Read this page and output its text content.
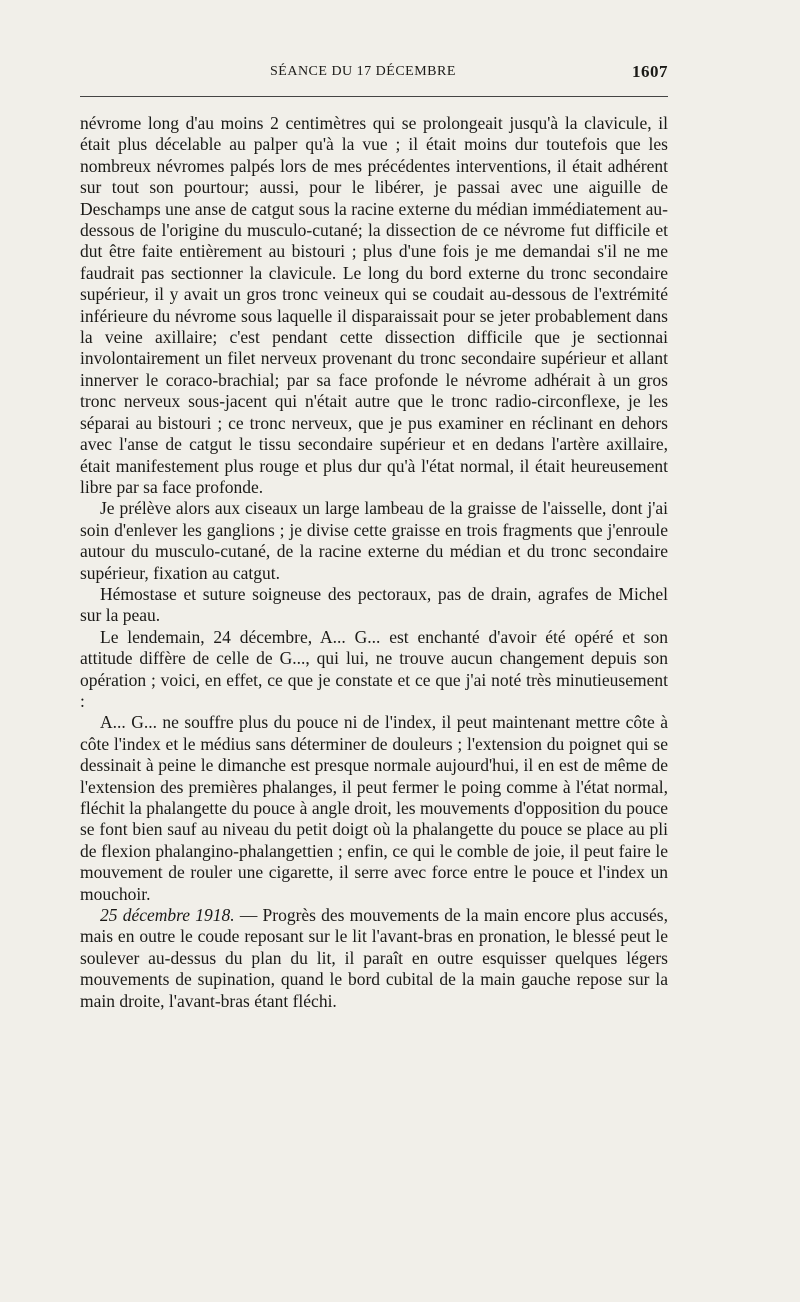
SÉANCE DU 17 DÉCEMBRE	1607

névrome long d'au moins 2 centimètres qui se prolongeait jusqu'à la clavicule, il était plus décelable au palper qu'à la vue ; il était moins dur toutefois que les nombreux névromes palpés lors de mes précédentes interventions, il était adhérent sur tout son pourtour; aussi, pour le libérer, je passai avec une aiguille de Deschamps une anse de catgut sous la racine externe du médian immédiatement au-dessous de l'origine du musculo-cutané; la dissection de ce névrome fut difficile et dut être faite entièrement au bistouri ; plus d'une fois je me demandai s'il ne me faudrait pas sectionner la clavicule. Le long du bord externe du tronc secondaire supérieur, il y avait un gros tronc veineux qui se coudait au-dessous de l'extrémité inférieure du névrome sous laquelle il disparaissait pour se jeter probablement dans la veine axillaire; c'est pendant cette dissection difficile que je sectionnai involontairement un filet nerveux provenant du tronc secondaire supérieur et allant innerver le coraco-brachial; par sa face profonde le névrome adhérait à un gros tronc nerveux sous-jacent qui n'était autre que le tronc radio-circonflexe, je les séparai au bistouri ; ce tronc nerveux, que je pus examiner en réclinant en dehors avec l'anse de catgut le tissu secondaire supérieur et en dedans l'artère axillaire, était manifestement plus rouge et plus dur qu'à l'état normal, il était heureusement libre par sa face profonde.

Je prélève alors aux ciseaux un large lambeau de la graisse de l'aisselle, dont j'ai soin d'enlever les ganglions ; je divise cette graisse en trois fragments que j'enroule autour du musculo-cutané, de la racine externe du médian et du tronc secondaire supérieur, fixation au catgut.

Hémostase et suture soigneuse des pectoraux, pas de drain, agrafes de Michel sur la peau.

Le lendemain, 24 décembre, A... G... est enchanté d'avoir été opéré et son attitude diffère de celle de G..., qui lui, ne trouve aucun changement depuis son opération ; voici, en effet, ce que je constate et ce que j'ai noté très minutieusement :

A... G... ne souffre plus du pouce ni de l'index, il peut maintenant mettre côte à côte l'index et le médius sans déterminer de douleurs ; l'extension du poignet qui se dessinait à peine le dimanche est presque normale aujourd'hui, il en est de même de l'extension des premières phalanges, il peut fermer le poing comme à l'état normal, fléchit la phalangette du pouce à angle droit, les mouvements d'opposition du pouce se font bien sauf au niveau du petit doigt où la phalangette du pouce se place au pli de flexion phalangino-phalangettien ; enfin, ce qui le comble de joie, il peut faire le mouvement de rouler une cigarette, il serre avec force entre le pouce et l'index un mouchoir.

25 décembre 1918. — Progrès des mouvements de la main encore plus accusés, mais en outre le coude reposant sur le lit l'avant-bras en pronation, le blessé peut le soulever au-dessus du plan du lit, il paraît en outre esquisser quelques légers mouvements de supination, quand le bord cubital de la main gauche repose sur la main droite, l'avant-bras étant fléchi.
